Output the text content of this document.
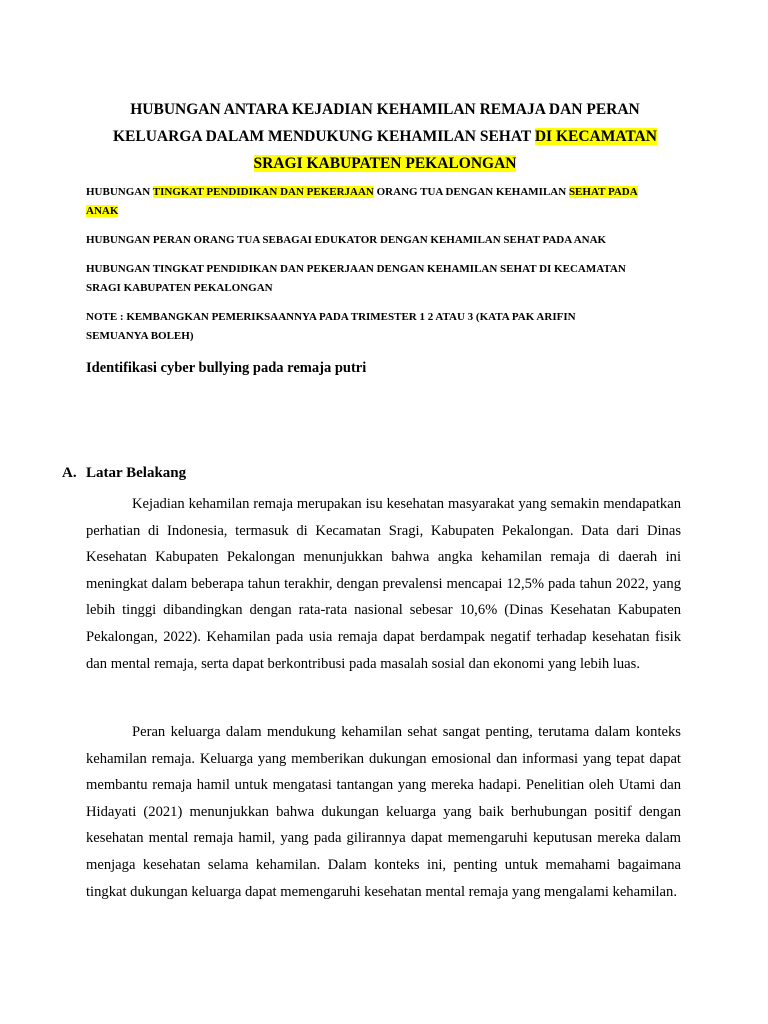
HUBUNGAN ANTARA KEJADIAN KEHAMILAN REMAJA DAN PERAN
KELUARGA DALAM MENDUKUNG KEHAMILAN SEHAT DI KECAMATAN
SRAGI KABUPATEN PEKALONGAN
HUBUNGAN TINGKAT PENDIDIKAN DAN PEKERJAAN ORANG TUA DENGAN KEHAMILAN SEHAT PADA
ANAK
HUBUNGAN PERAN ORANG TUA SEBAGAI EDUKATOR DENGAN KEHAMILAN SEHAT PADA ANAK
HUBUNGAN TINGKAT PENDIDIKAN DAN PEKERJAAN DENGAN KEHAMILAN SEHAT DI KECAMATAN
SRAGI KABUPATEN PEKALONGAN
NOTE : KEMBANGKAN PEMERIKSAANNYA PADA TRIMESTER 1 2 ATAU 3 (KATA PAK ARIFIN
SEMUANYA BOLEH)
Identifikasi cyber bullying pada remaja putri
A. Latar Belakang

Kejadian kehamilan remaja merupakan isu kesehatan masyarakat yang semakin mendapatkan perhatian di Indonesia, termasuk di Kecamatan Sragi, Kabupaten Pekalongan. Data dari Dinas Kesehatan Kabupaten Pekalongan menunjukkan bahwa angka kehamilan remaja di daerah ini meningkat dalam beberapa tahun terakhir, dengan prevalensi mencapai 12,5% pada tahun 2022, yang lebih tinggi dibandingkan dengan rata-rata nasional sebesar 10,6% (Dinas Kesehatan Kabupaten Pekalongan, 2022). Kehamilan pada usia remaja dapat berdampak negatif terhadap kesehatan fisik dan mental remaja, serta dapat berkontribusi pada masalah sosial dan ekonomi yang lebih luas.

Peran keluarga dalam mendukung kehamilan sehat sangat penting, terutama dalam konteks kehamilan remaja. Keluarga yang memberikan dukungan emosional dan informasi yang tepat dapat membantu remaja hamil untuk mengatasi tantangan yang mereka hadapi. Penelitian oleh Utami dan Hidayati (2021) menunjukkan bahwa dukungan keluarga yang baik berhubungan positif dengan kesehatan mental remaja hamil, yang pada gilirannya dapat memengaruhi keputusan mereka dalam menjaga kesehatan selama kehamilan. Dalam konteks ini, penting untuk memahami bagaimana tingkat dukungan keluarga dapat memengaruhi kesehatan mental remaja yang mengalami kehamilan.
